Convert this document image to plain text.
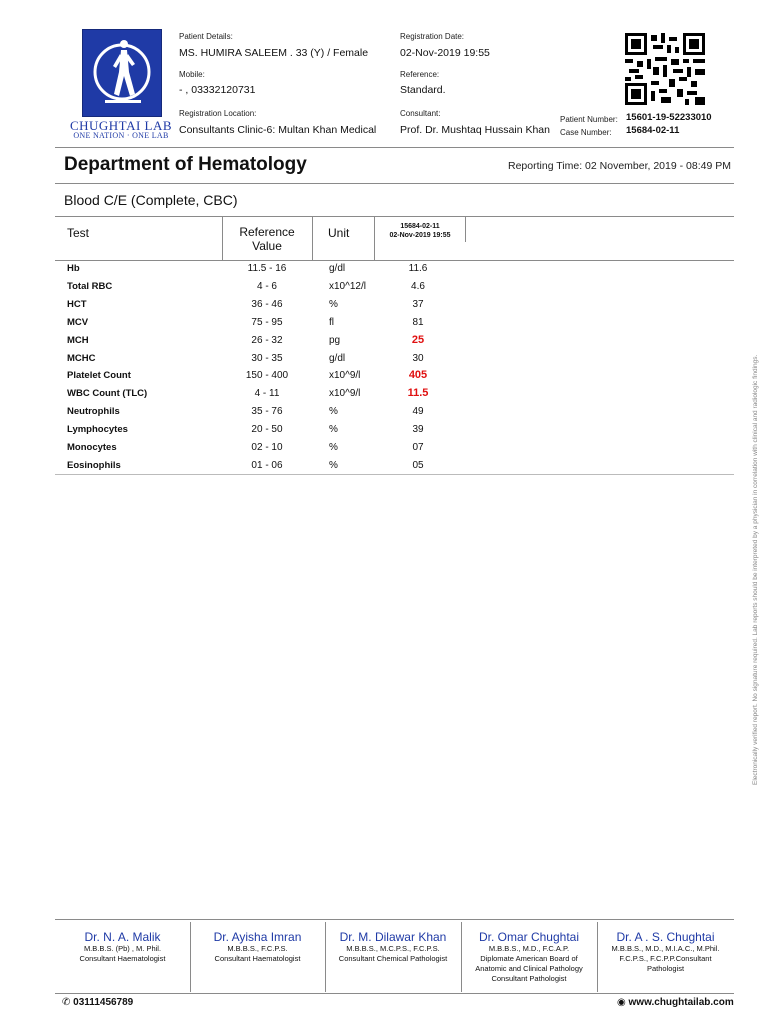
CHUGHTAI LAB
ONE NATION · ONE LAB
Patient Details:
MS. HUMIRA SALEEM . 33 (Y) / Female
Mobile:
- , 03332120731
Registration Location:
Consultants Clinic-6: Multan Khan Medical
Registration Date:
02-Nov-2019 19:55
Reference:
Standard.
Consultant:
Prof. Dr. Mushtaq Hussain Khan
Patient Number: 15601-19-52233010
Case Number: 15684-02-11
Department of Hematology	Reporting Time: 02 November, 2019 - 08:49 PM
Blood C/E (Complete, CBC)
Test	Reference
Value
Unit	15684-02-11
02-Nov-2019 19:55
Hb	11.5 - 16	g/dl	11.6
Total RBC	4 - 6	x10^12/l	4.6
HCT	36 - 46	%	37
MCV	75 - 95	fl	81
MCH	26 - 32	pg	25
MCHC	30 - 35	g/dl	30
Platelet Count	150 - 400	x10^9/l	405
WBC Count (TLC)	4 - 11	x10^9/l	11.5
Neutrophils	35 - 76	%	49
Lymphocytes	20 - 50	%	39
Monocytes	02 - 10	%	07
Eosinophils	01 - 06	%	05	Electronically verified report. No signature required. Lab reports should be interpreted by a physician in correlation with clinical and radiologic findings.
Dr. N. A. Malik
M.B.B.S. (Pb) , M. Phil.
Consultant Haematologist
Dr. Ayisha Imran
M.B.B.S., F.C.P.S.
Consultant Haematologist
Dr. M. Dilawar Khan
M.B.B.S., M.C.P.S., F.C.P.S.
Consultant Chemical Pathologist
Dr. Omar Chughtai
M.B.B.S., M.D., F.C.A.P.
Diplomate American Board of
Anatomic and Clinical Pathology
Consultant Pathologist
Dr. A . S. Chughtai
M.B.B.S., M.D., M.I.A.C., M.Phil.
F.C.P.S., F.C.P.P.Consultant
Pathologist
✆ 03111456789	◉ www.chughtailab.com
